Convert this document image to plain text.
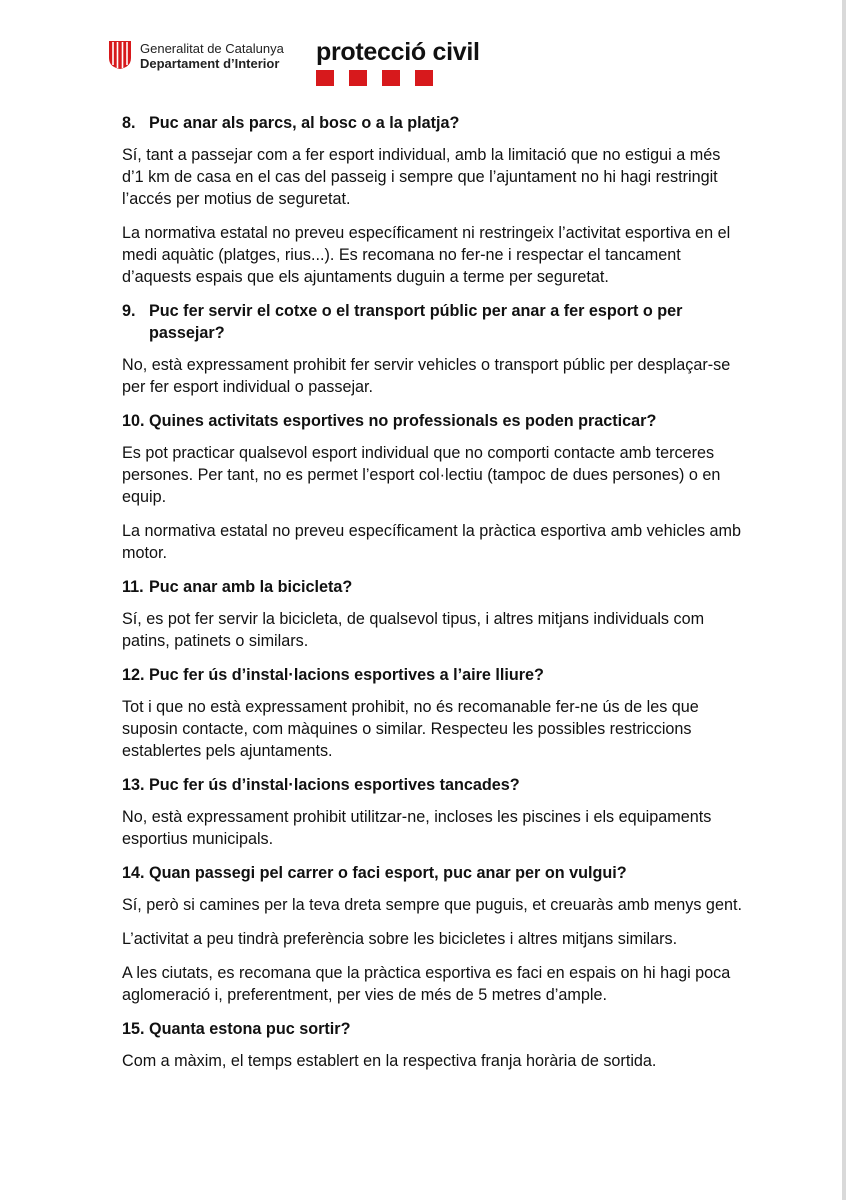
Generalitat de Catalunya
Departament d’Interior protecció civil
8. Puc anar als parcs, al bosc o a la platja?
Sí, tant a passejar com a fer esport individual, amb la limitació que no estigui a més d’1 km de casa en el cas del passeig i sempre que l’ajuntament no hi hagi restringit l’accés per motius de seguretat.
La normativa estatal no preveu específicament ni restringeix l’activitat esportiva en el medi aquàtic (platges, rius...). Es recomana no fer-ne i respectar el tancament d’aquests espais que els ajuntaments duguin a terme per seguretat.
9. Puc fer servir el cotxe o el transport públic per anar a fer esport o per passejar?
No, està expressament prohibit fer servir vehicles o transport públic per desplaçar-se per fer esport individual o passejar.
10. Quines activitats esportives no professionals es poden practicar?
Es pot practicar qualsevol esport individual que no comporti contacte amb terceres persones. Per tant, no es permet l’esport col·lectiu (tampoc de dues persones) o en equip.
La normativa estatal no preveu específicament la pràctica esportiva amb vehicles amb motor.
11. Puc anar amb la bicicleta?
Sí, es pot fer servir la bicicleta, de qualsevol tipus, i altres mitjans individuals com patins, patinets o similars.
12. Puc fer ús d’instal·lacions esportives a l’aire lliure?
Tot i que no està expressament prohibit, no és recomanable fer-ne ús de les que suposin contacte, com màquines o similar. Respecteu les possibles restriccions establertes pels ajuntaments.
13. Puc fer ús d’instal·lacions esportives tancades?
No, està expressament prohibit utilitzar-ne, incloses les piscines i els equipaments esportius municipals.
14. Quan passegi pel carrer o faci esport, puc anar per on vulgui?
Sí, però si camines per la teva dreta sempre que puguis, et creuaràs amb menys gent.
L’activitat a peu tindrà preferència sobre les bicicletes i altres mitjans similars.
A les ciutats, es recomana que la pràctica esportiva es faci en espais on hi hagi poca aglomeració i, preferentment, per vies de més de 5 metres d’ample.
15. Quanta estona puc sortir?
Com a màxim, el temps establert en la respectiva franja horària de sortida.
